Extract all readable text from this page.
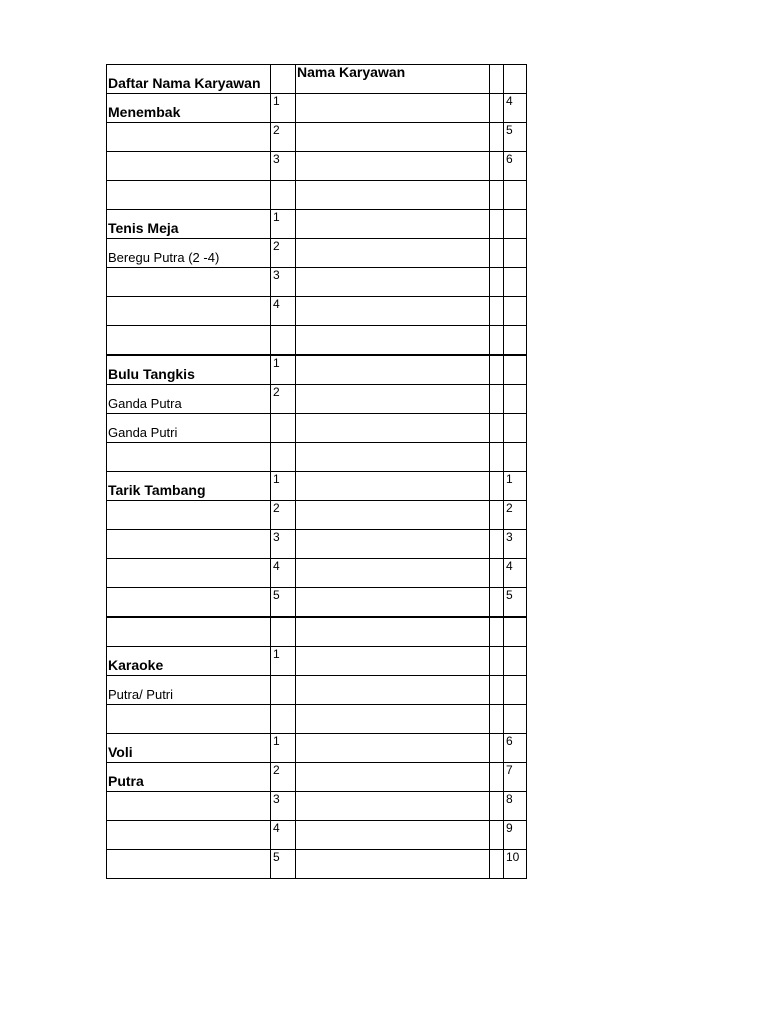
Daftar Nama Karyawan		Nama Karyawan		
Menembak	1			4
	2			5
	3			6

Tenis Meja	1			
Beregu Putra (2 -4)	2			
	3			
	4			

Bulu Tangkis	1			
Ganda Putra	2			
Ganda Putri				

Tarik Tambang	1			1
	2			2
	3			3
	4			4
	5			5

Karaoke	1			
Putra/ Putri				

Voli	1			6
Putra	2			7
	3			8
	4			9
	5			10
